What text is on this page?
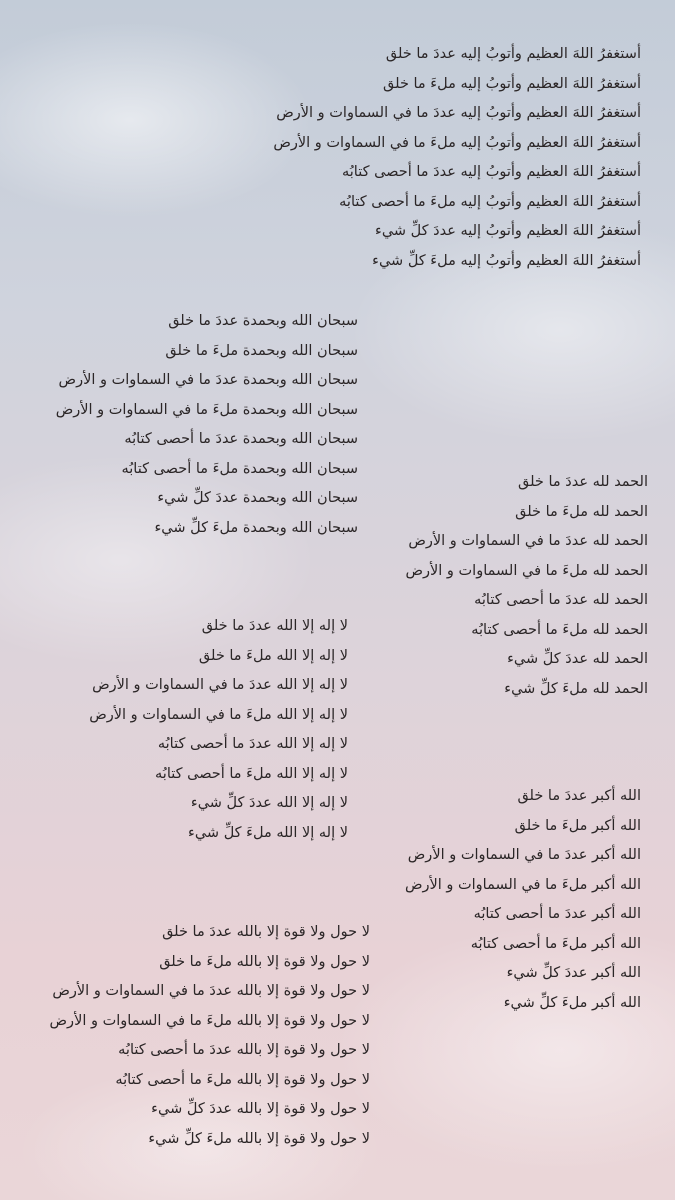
أستغفرُ اللهَ العظيم وأتوبُ إليه عددَ ما خلق
أستغفرُ اللهَ العظيم وأتوبُ إليه ملءَ ما خلق
أستغفرُ اللهَ العظيم وأتوبُ إليه عددَ ما في السماوات و الأرض
أستغفرُ اللهَ العظيم وأتوبُ إليه ملءَ ما في السماوات و الأرض
أستغفرُ اللهَ العظيم وأتوبُ إليه عددَ ما أحصى كتابُه
أستغفرُ اللهَ العظيم وأتوبُ إليه ملءَ ما أحصى كتابُه
أستغفرُ اللهَ العظيم وأتوبُ إليه عددَ كلِّ شيء
أستغفرُ اللهَ العظيم وأتوبُ إليه ملءَ كلِّ شيء
سبحان الله وبحمدة عددَ ما خلق
سبحان الله وبحمدة ملءَ ما خلق
سبحان الله وبحمدة عددَ ما في السماوات و الأرض
سبحان الله وبحمدة ملءَ ما في السماوات و الأرض
سبحان الله وبحمدة عددَ ما أحصى كتابُه
سبحان الله وبحمدة ملءَ ما أحصى كتابُه
سبحان الله وبحمدة عددَ كلِّ شيء
سبحان الله وبحمدة ملءَ كلِّ شيء
الحمد لله عددَ ما خلق
الحمد لله ملءَ ما خلق
الحمد لله عددَ ما في السماوات و الأرض
الحمد لله ملءَ ما في السماوات و الأرض
الحمد لله عددَ ما أحصى كتابُه
الحمد لله ملءَ ما أحصى كتابُه
الحمد لله عددَ كلِّ شيء
الحمد لله ملءَ كلِّ شيء
لا إله إلا الله عددَ ما خلق
لا إله إلا الله ملءَ ما خلق
لا إله إلا الله عددَ ما في السماوات و الأرض
لا إله إلا الله ملءَ ما في السماوات و الأرض
لا إله إلا الله عددَ ما أحصى كتابُه
لا إله إلا الله ملءَ ما أحصى كتابُه
لا إله إلا الله عددَ كلِّ شيء
لا إله إلا الله ملءَ كلِّ شيء
الله أكبر عددَ ما خلق
الله أكبر ملءَ ما خلق
الله أكبر عددَ ما في السماوات و الأرض
الله أكبر ملءَ ما في السماوات و الأرض
الله أكبر عددَ ما أحصى كتابُه
الله أكبر ملءَ ما أحصى كتابُه
الله أكبر عددَ كلِّ شيء
الله أكبر ملءَ كلِّ شيء
لا حول ولا قوة إلا بالله عددَ ما خلق
لا حول ولا قوة إلا بالله ملءَ ما خلق
لا حول ولا قوة إلا بالله عددَ ما في السماوات و الأرض
لا حول ولا قوة إلا بالله ملءَ ما في السماوات و الأرض
لا حول ولا قوة إلا بالله عددَ ما أحصى كتابُه
لا حول ولا قوة إلا بالله ملءَ ما أحصى كتابُه
لا حول ولا قوة إلا بالله عددَ كلِّ شيء
لا حول ولا قوة إلا بالله ملءَ كلِّ شيء
